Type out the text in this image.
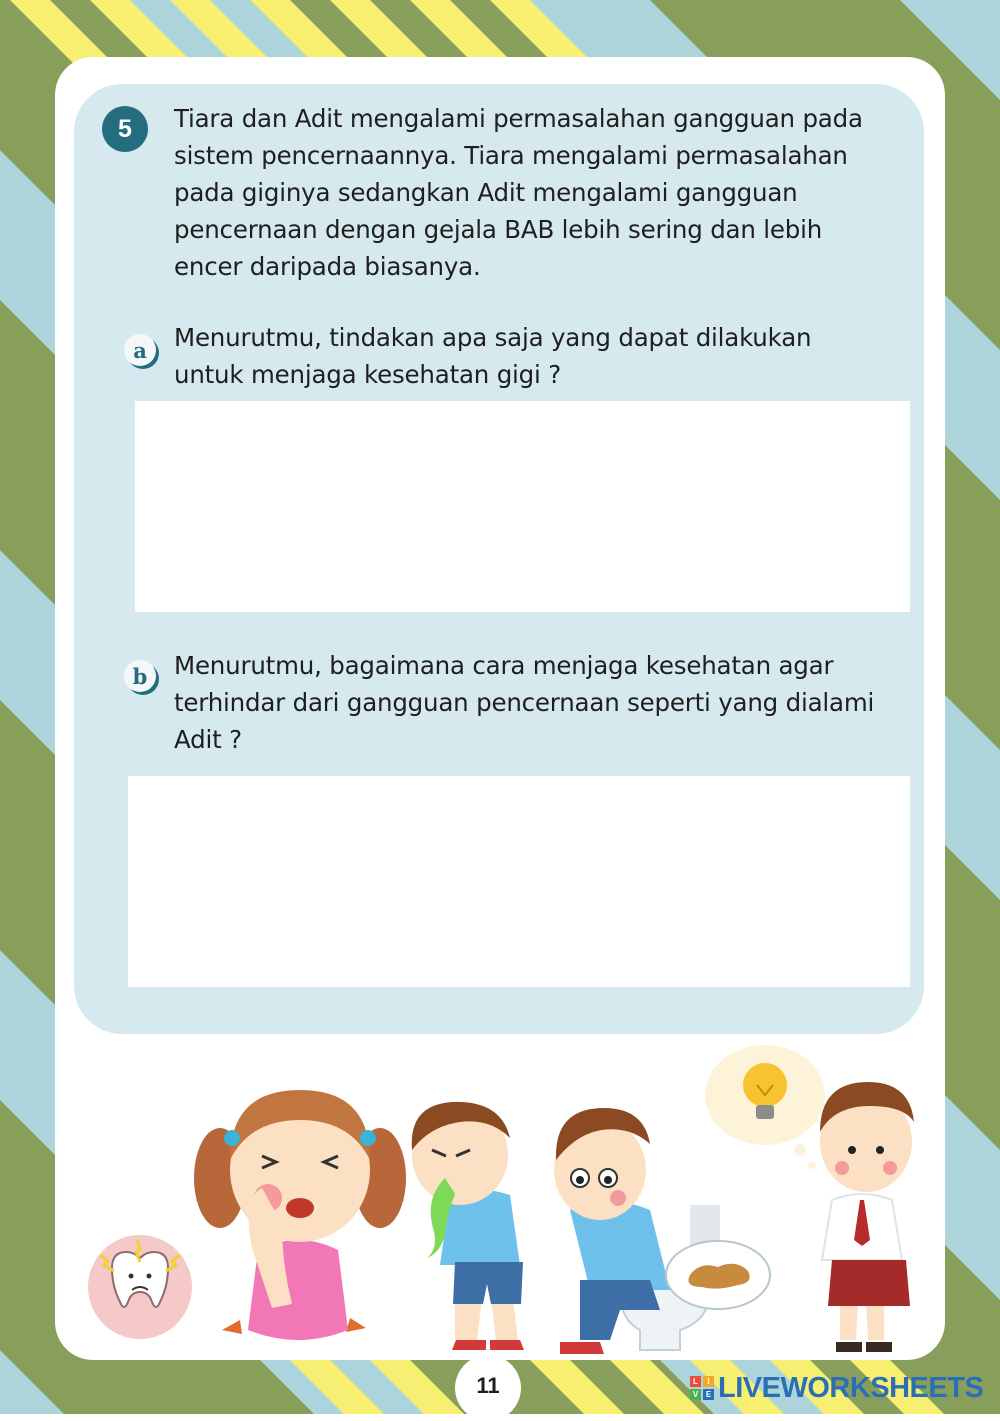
5	Tiara dan Adit mengalami permasalahan gangguan pada
sistem pencernaannya. Tiara mengalami permasalahan
pada giginya sedangkan Adit mengalami gangguan
pencernaan dengan gejala BAB lebih sering dan lebih
encer daripada biasanya.
a	Menurutmu, tindakan apa saja yang dapat dilakukan
untuk menjaga kesehatan gigi ?
b	Menurutmu, bagaimana cara menjaga kesehatan agar
terhindar dari gangguan pencernaan seperti yang dialami
Adit ?
11	L	I
V E LIVEWORKSHEETS
